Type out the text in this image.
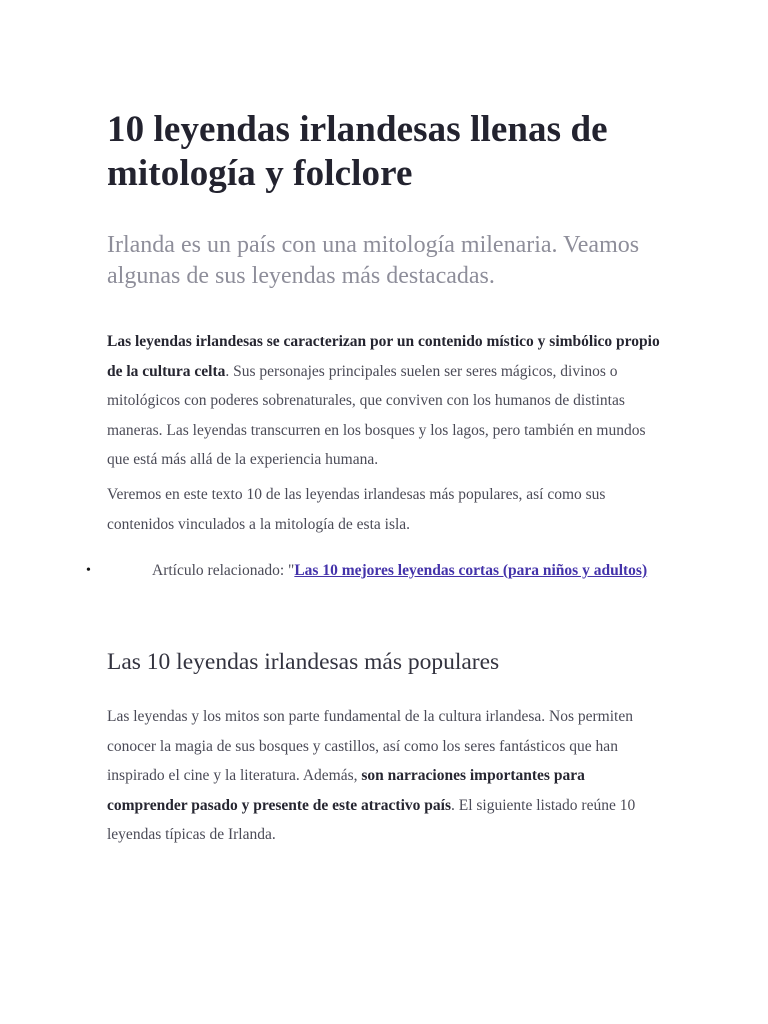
10 leyendas irlandesas llenas de mitología y folclore

Irlanda es un país con una mitología milenaria. Veamos algunas de sus leyendas más destacadas.

Las leyendas irlandesas se caracterizan por un contenido místico y simbólico propio de la cultura celta. Sus personajes principales suelen ser seres mágicos, divinos o mitológicos con poderes sobrenaturales, que conviven con los humanos de distintas maneras. Las leyendas transcurren en los bosques y los lagos, pero también en mundos que está más allá de la experiencia humana.

Veremos en este texto 10 de las leyendas irlandesas más populares, así como sus contenidos vinculados a la mitología de esta isla.

•	Artículo relacionado: "Las 10 mejores leyendas cortas (para niños y adultos)
Las 10 leyendas irlandesas más populares

Las leyendas y los mitos son parte fundamental de la cultura irlandesa. Nos permiten conocer la magia de sus bosques y castillos, así como los seres fantásticos que han inspirado el cine y la literatura. Además, son narraciones importantes para comprender pasado y presente de este atractivo país. El siguiente listado reúne 10 leyendas típicas de Irlanda.
